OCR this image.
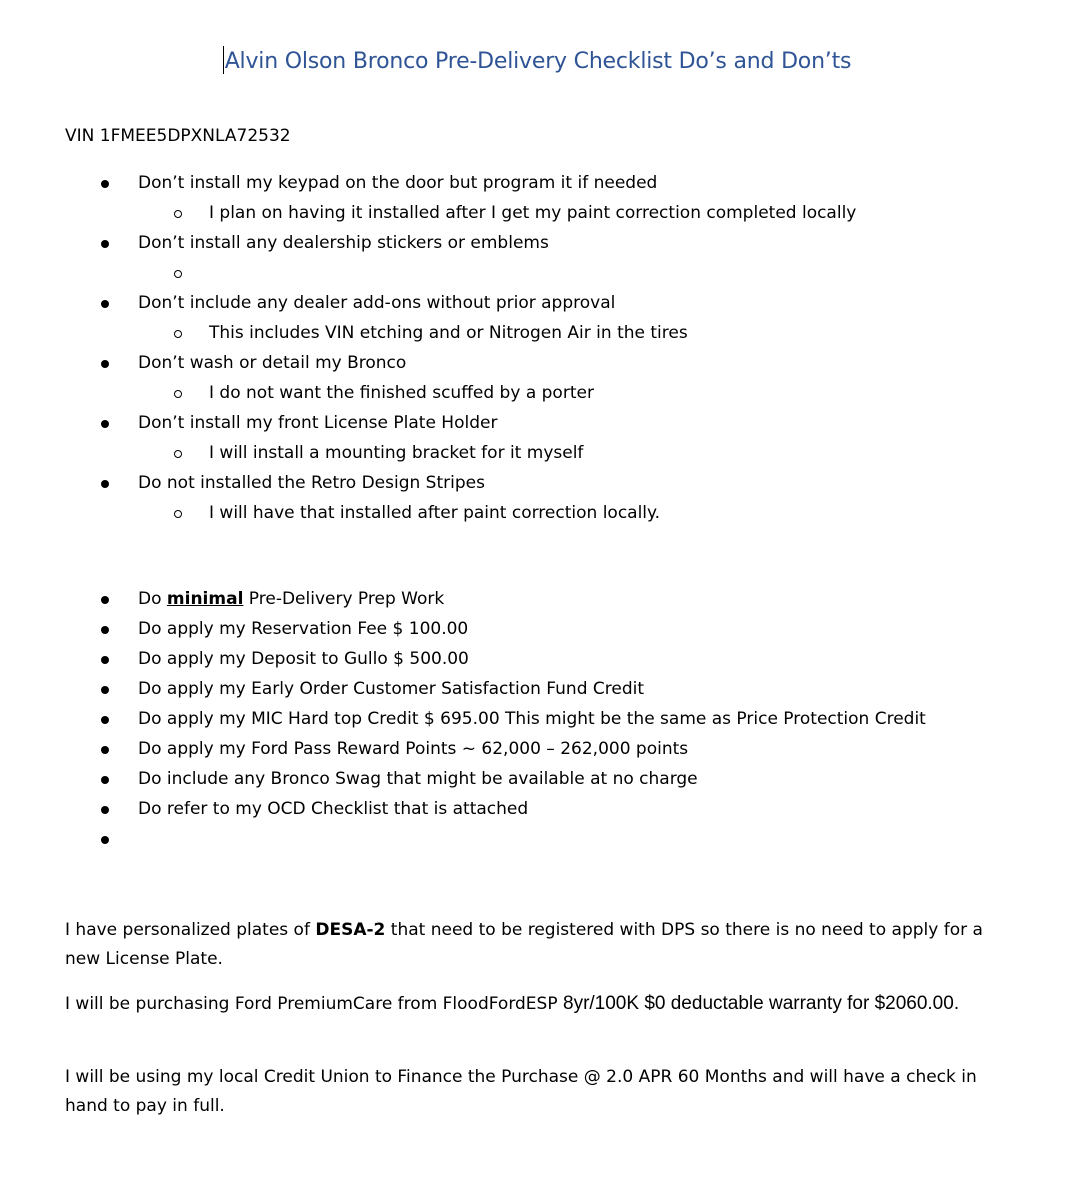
Alvin Olson Bronco Pre-Delivery Checklist Do’s and Don’ts
VIN 1FMEE5DPXNLA72532
Don’t install my keypad on the door but program it if needed
I plan on having it installed after I get my paint correction completed locally
Don’t install any dealership stickers or emblems
Don’t include any dealer add-ons without prior approval
This includes VIN etching and or Nitrogen Air in the tires
Don’t wash or detail my Bronco
I do not want the finished scuffed by a porter
Don’t install my front License Plate Holder
I will install a mounting bracket for it myself
Do not installed the Retro Design Stripes
I will have that installed after paint correction locally.
Do minimal Pre-Delivery Prep Work
Do apply my Reservation Fee $ 100.00
Do apply my Deposit to Gullo $ 500.00
Do apply my Early Order Customer Satisfaction Fund Credit
Do apply my MIC Hard top Credit $ 695.00 This might be the same as Price Protection Credit
Do apply my Ford Pass Reward Points ~ 62,000 – 262,000 points
Do include any Bronco Swag that might be available at no charge
Do refer to my OCD Checklist that is attached
I have personalized plates of DESA-2 that need to be registered with DPS so there is no need to apply for a new License Plate.
I will be purchasing Ford PremiumCare from FloodFordESP 8yr/100K $0 deductable warranty for $2060.00.
I will be using my local Credit Union to Finance the Purchase @ 2.0 APR 60 Months and will have a check in hand to pay in full.
